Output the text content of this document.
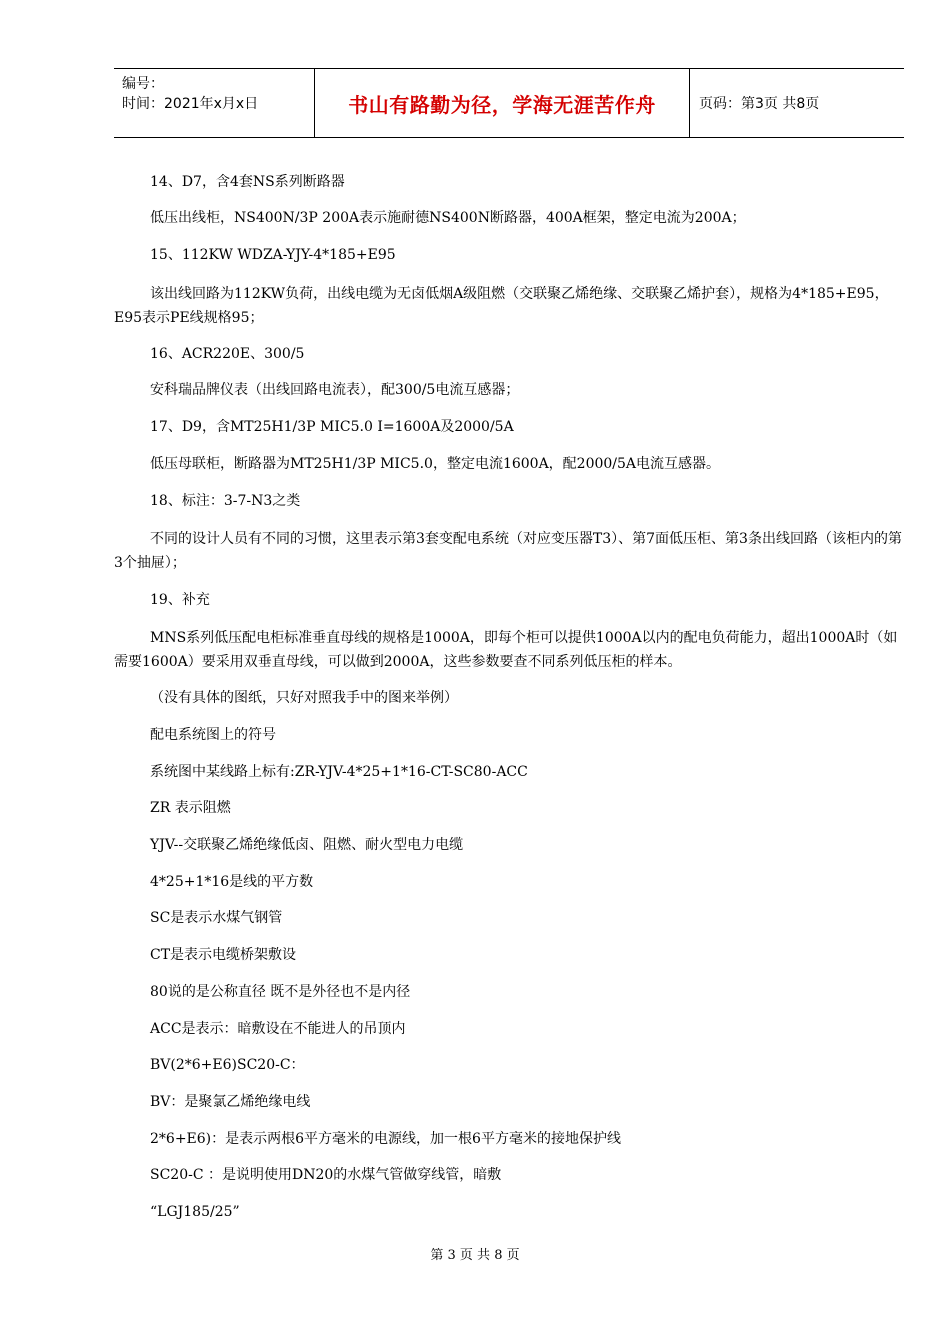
编号：
时间：2021年x月x日	书山有路勤为径，学海无涯苦作舟	页码：第3页 共8页

14、D7，含4套NS系列断路器

低压出线柜，NS400N/3P 200A表示施耐德NS400N断路器，400A框架，整定电流为200A；

15、112KW WDZA-YJY-4*185+E95

该出线回路为112KW负荷，出线电缆为无卤低烟A级阻燃（交联聚乙烯绝缘、交联聚乙烯护套），规格为4*185+E95，E95表示PE线规格95；

16、ACR220E、300/5

安科瑞品牌仪表（出线回路电流表），配300/5电流互感器；

17、D9，含MT25H1/3P MIC5.0 I=1600A及2000/5A

低压母联柜，断路器为MT25H1/3P MIC5.0，整定电流1600A，配2000/5A电流互感器。

18、标注：3-7-N3之类

不同的设计人员有不同的习惯，这里表示第3套变配电系统（对应变压器T3）、第7面低压柜、第3条出线回路（该柜内的第3个抽屉）；

19、补充

MNS系列低压配电柜标准垂直母线的规格是1000A，即每个柜可以提供1000A以内的配电负荷能力，超出1000A时（如需要1600A）要采用双垂直母线，可以做到2000A，这些参数要查不同系列低压柜的样本。

（没有具体的图纸，只好对照我手中的图来举例）

配电系统图上的符号

系统图中某线路上标有:ZR-YJV-4*25+1*16-CT-SC80-ACC

ZR 表示阻燃

YJV--交联聚乙烯绝缘低卤、阻燃、耐火型电力电缆

4*25+1*16是线的平方数

SC是表示水煤气钢管

CT是表示电缆桥架敷设

80说的是公称直径 既不是外径也不是内径

ACC是表示：暗敷设在不能进人的吊顶内

BV(2*6+E6)SC20-C：

BV：是聚氯乙烯绝缘电线

2*6+E6)：是表示两根6平方毫米的电源线，加一根6平方毫米的接地保护线

SC20-C ：是说明使用DN20的水煤气管做穿线管，暗敷

“LGJ185/25”

第 3 页 共 8 页
